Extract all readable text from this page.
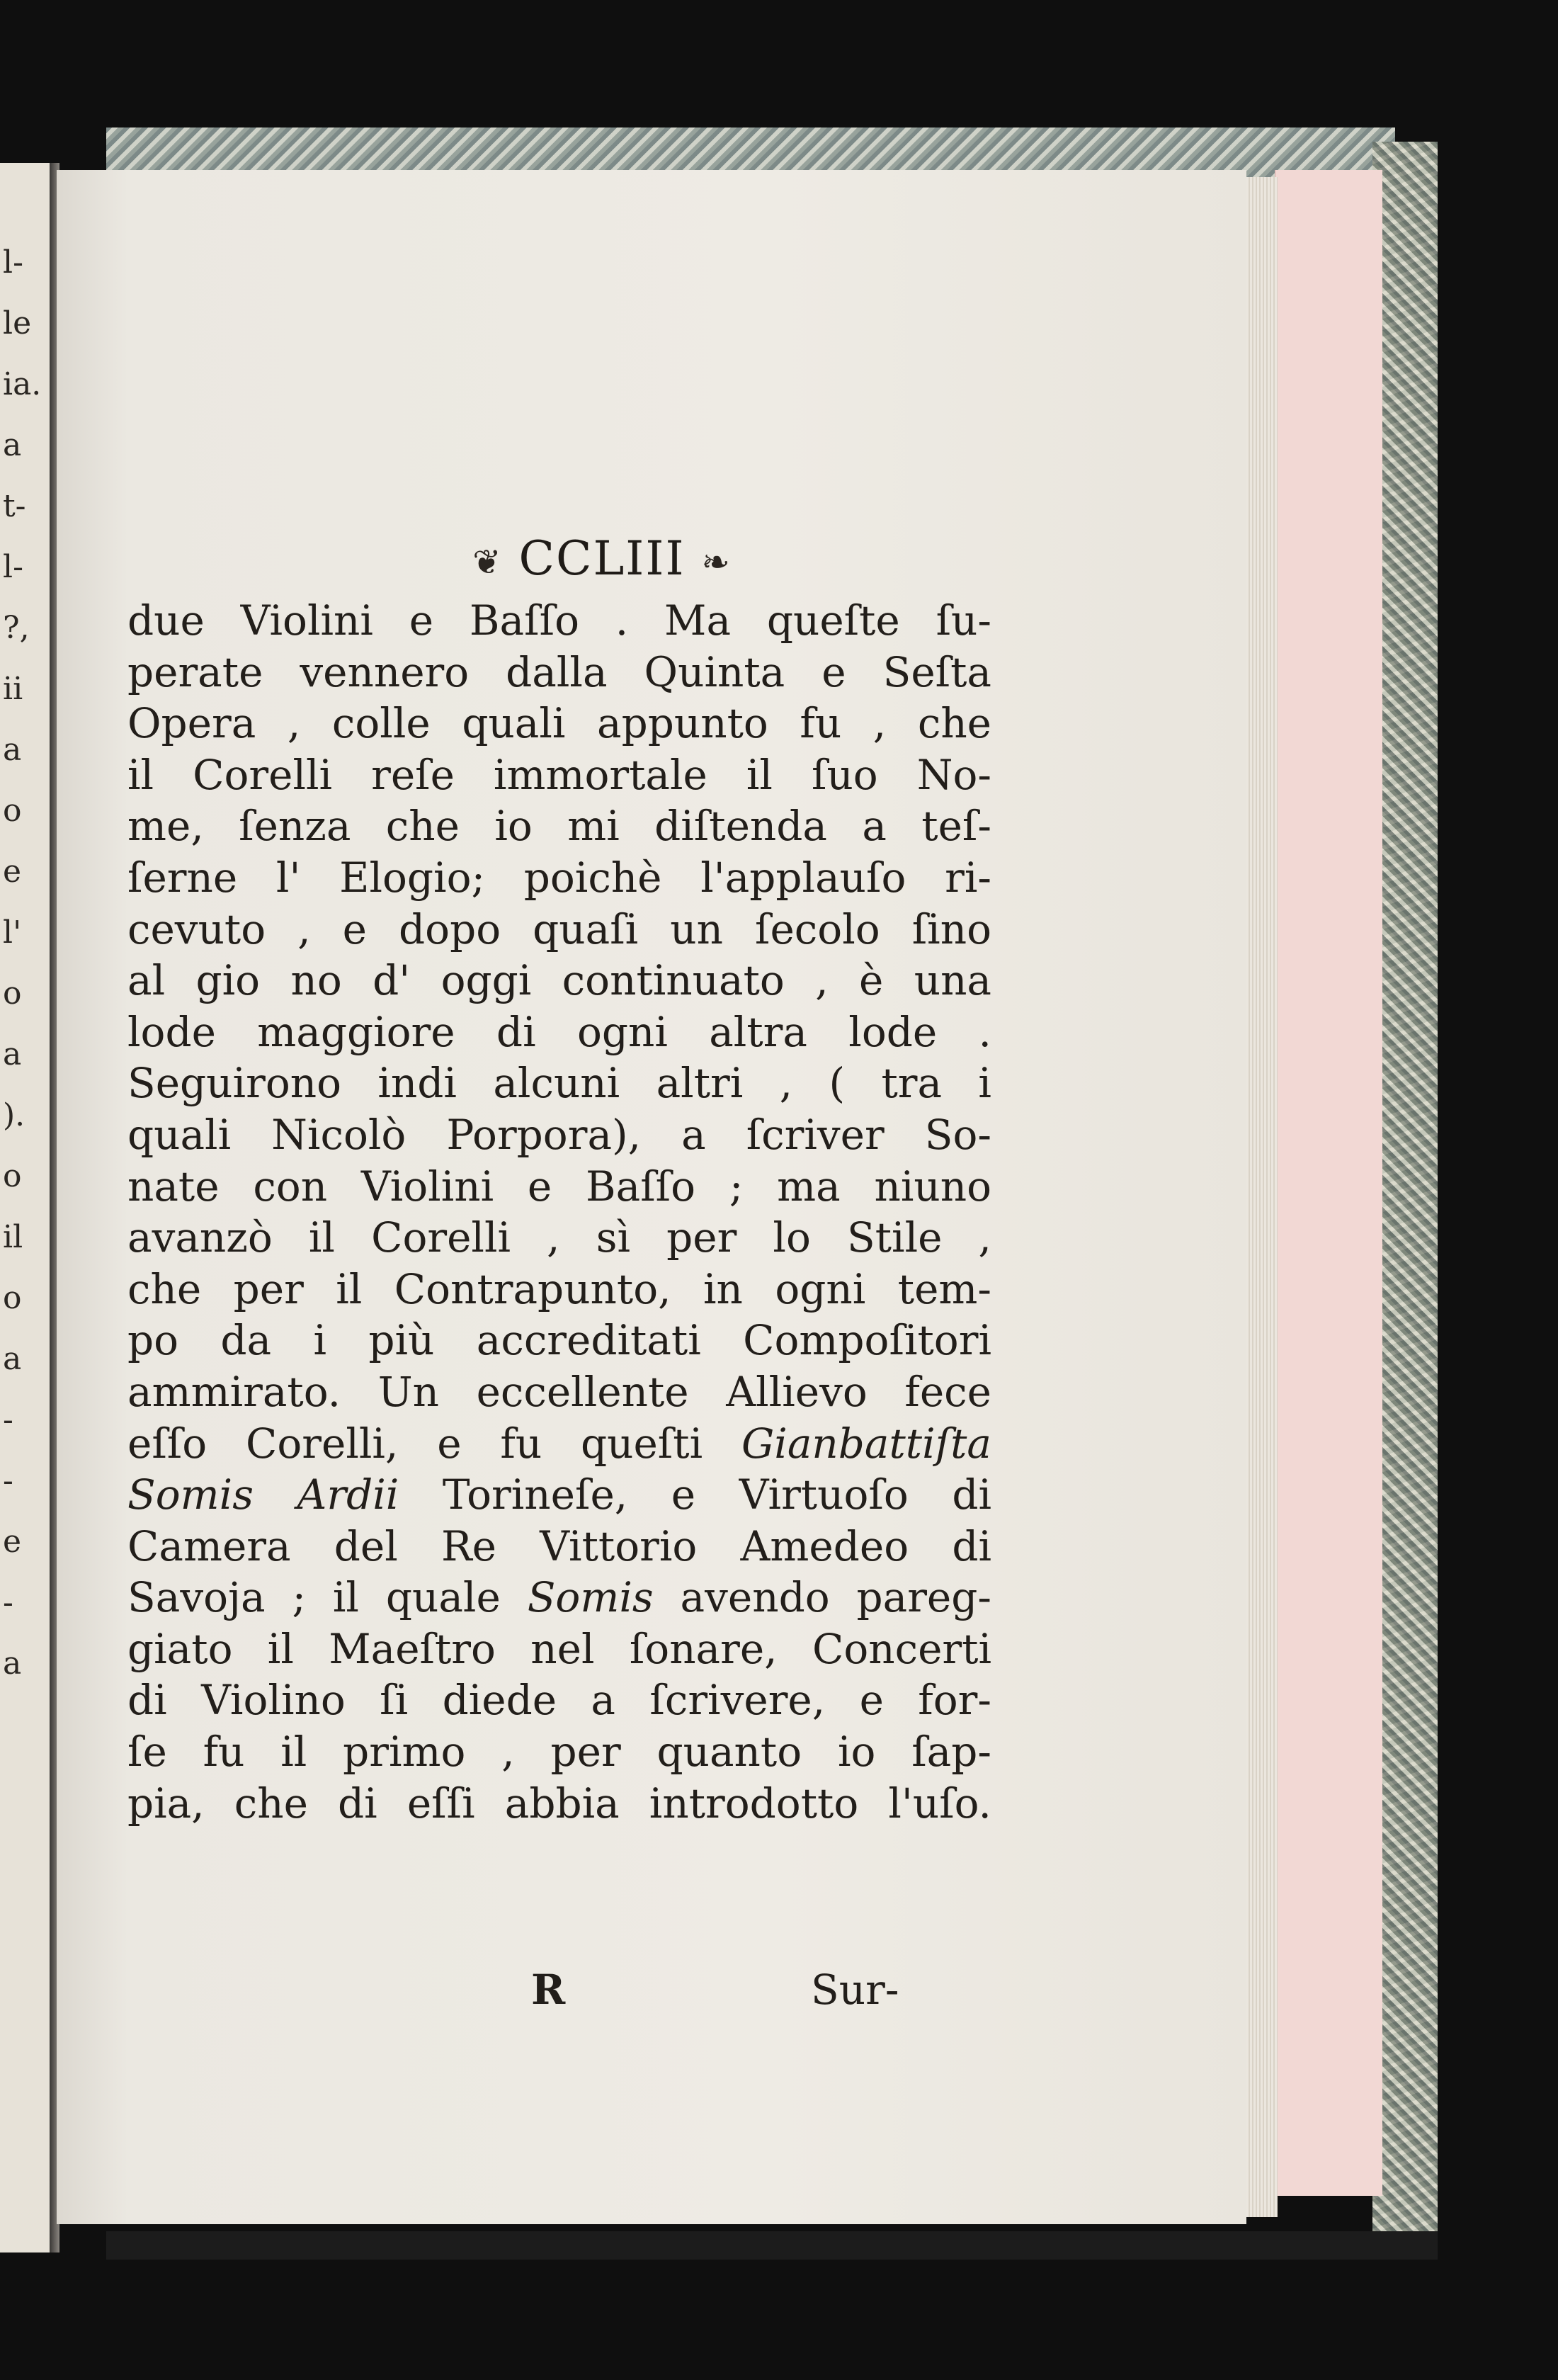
l-
le
ia.
a
t-
l-
?,
ii
a
o
e
l'
o
a
).
o
il
o
a
-
-
e
-
a
❦ CCLIII ❧
due Violini e Baſſo . Ma queſte ſu-
perate vennero dalla Quinta e Seſta
Opera , colle quali appunto fu , che
il Corelli reſe immortale il ſuo No-
me, ſenza che io mi diſtenda a teſ-
ſerne l' Elogio; poichè l'applauſo ri-
cevuto , e dopo quaſi un ſecolo ſino
al gio no d' oggi continuato , è una
lode maggiore di ogni altra lode .
Seguirono indi alcuni altri , ( tra i
quali Nicolò Porpora), a ſcriver So-
nate con Violini e Baſſo ; ma niuno
avanzò il Corelli , sì per lo Stile ,
che per il Contrapunto, in ogni tem-
po da i più accreditati Compoſitori
ammirato. Un eccellente Allievo fece
eſſo Corelli, e fu queſti Gianbattiſta
Somis Ardii Torineſe, e Virtuoſo di
Camera del Re Vittorio Amedeo di
Savoja ; il quale Somis avendo pareg-
giato il Maeſtro nel ſonare, Concerti
di Violino ſi diede a ſcrivere, e for-
ſe fu il primo , per quanto io ſap-
pia, che di eſſi abbia introdotto l'uſo.
R	Sur-
